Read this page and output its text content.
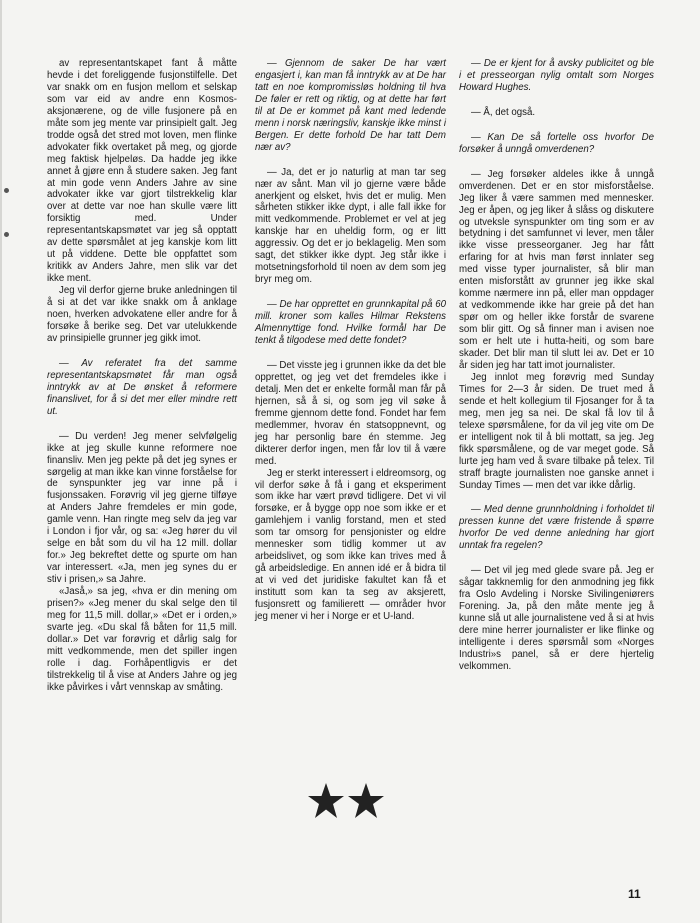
av representantskapet fant å måtte hevde i det foreliggende fusjonstilfelle. Det var snakk om en fusjon mellom et selskap som var eid av andre enn Kosmos-aksjonærene, og de ville fusjonere på en måte som jeg mente var prinsipielt galt. Jeg trodde også det stred mot loven, men flinke advokater fikk overtaket på meg, og gjorde meg faktisk hjelpeløs. Da hadde jeg ikke annet å gjøre enn å studere saken. Jeg fant at min gode venn Anders Jahre av sine advokater ikke var gjort tilstrekkelig klar over at dette var noe han skulle være litt forsiktig med. Under representantskapsmøtet var jeg så opptatt av dette spørsmålet at jeg kanskje kom litt ut på viddene. Dette ble oppfattet som kritikk av Anders Jahre, men slik var det ikke ment.

Jeg vil derfor gjerne bruke anledningen til å si at det var ikke snakk om å anklage noen, hverken advokatene eller andre for å forsøke å berike seg. Det var utelukkende av prinsipielle grunner jeg gikk imot.

— Av referatet fra det samme representantskapsmøtet får man også inntrykk av at De ønsket å reformere finanslivet, for å si det mer eller mindre rett ut.

— Du verden! Jeg mener selvfølgelig ikke at jeg skulle kunne reformere noe finansliv. Men jeg pekte på det jeg synes er sørgelig at man ikke kan vinne forståelse for de synspunkter jeg var inne på i fusjonssaken. Forøvrig vil jeg gjerne tilføye at Anders Jahre fremdeles er min gode, gamle venn. Han ringte meg selv da jeg var i London i fjor vår, og sa: «Jeg hører du vil selge en båt som du vil ha 12 mill. dollar for.» Jeg bekreftet dette og spurte om han var interessert. «Ja, men jeg synes du er stiv i prisen,» sa Jahre.

«Jaså,» sa jeg, «hva er din mening om prisen?» «Jeg mener du skal selge den til meg for 11,5 mill. dollar,» «Det er i orden,» svarte jeg. «Du skal få båten for 11,5 mill. dollar.» Det var forøvrig et dårlig salg for mitt vedkommende, men det spiller ingen rolle i dag. Forhåpentligvis er det tilstrekkelig til å vise at Anders Jahre og jeg ikke påvirkes i vårt vennskap av småting.

— Gjennom de saker De har vært engasjert i, kan man få inntrykk av at De har tatt en noe kompromissløs holdning til hva De føler er rett og riktig, og at dette har ført til at De er kommet på kant med ledende menn i norsk næringsliv, kanskje ikke minst i Bergen. Er dette forhold De har tatt Dem nær av?

— Ja, det er jo naturlig at man tar seg nær av sånt. Man vil jo gjerne være både anerkjent og elsket, hvis det er mulig. Men sårheten stikker ikke dypt, i alle fall ikke for mitt vedkommende. Problemet er vel at jeg kanskje har en uheldig form, og er litt aggressiv. Og det er jo beklagelig. Men som sagt, det stikker ikke dypt. Jeg står ikke i motsetningsforhold til noen av dem som jeg bryr meg om.

— De har opprettet en grunnkapital på 60 mill. kroner som kalles Hilmar Rekstens Almennyttige fond. Hvilke formål har De tenkt å tilgodese med dette fondet?

— Det visste jeg i grunnen ikke da det ble opprettet, og jeg vet det fremdeles ikke i detalj. Men det er enkelte formål man får på hjernen, så å si, og som jeg vil søke å fremme gjennom dette fond. Fondet har fem medlemmer, hvorav én statsoppnevnt, og jeg har personlig bare én stemme. Jeg dikterer derfor ingen, men får lov til å være med.

Jeg er sterkt interessert i eldreomsorg, og vil derfor søke å få i gang et eksperiment som ikke har vært prøvd tidligere. Det vi vil forsøke, er å bygge opp noe som ikke er et gamlehjem i vanlig forstand, men et sted som tar omsorg for pensjonister og eldre mennesker som tidlig kommer ut av arbeidslivet, og som ikke kan trives med å gå arbeidsledige. En annen idé er å bidra til at vi ved det juridiske fakultet kan få et institutt som kan ta seg av aksjerett, fusjonsrett og familierett — områder hvor jeg mener vi her i Norge er et U-land.

— De er kjent for å avsky publicitet og ble i et presseorgan nylig omtalt som Norges Howard Hughes.

— Å, det også.

— Kan De så fortelle oss hvorfor De forsøker å unngå omverdenen?

— Jeg forsøker aldeles ikke å unngå omverdenen. Det er en stor misforståelse. Jeg liker å være sammen med mennesker. Jeg er åpen, og jeg liker å slåss og diskutere og utveksle synspunkter om ting som er av betydning i det samfunnet vi lever, men tåler ikke visse presseorganer. Jeg har fått erfaring for at hvis man først innlater seg med visse typer journalister, så blir man enten misforstått av grunner jeg ikke skal komme nærmere inn på, eller man oppdager at vedkommende ikke har greie på det han spør om og heller ikke forstår de svarene som blir gitt. Og så finner man i avisen noe som er helt ute i hutta-heiti, og som bare skader. Det blir man til slutt lei av. Det er 10 år siden jeg har tatt imot journalister.

Jeg innlot meg forøvrig med Sunday Times for 2—3 år siden. De truet med å sende et helt kollegium til Fjosanger for å ta meg, men jeg sa nei. De skal få lov til å telexe spørsmålene, for da vil jeg vite om De er intelligent nok til å bli mottatt, sa jeg. Jeg fikk spørsmålene, og de var meget gode. Så lurte jeg ham ved å svare tilbake på telex. Til straff bragte journalisten noe ganske annet i Sunday Times — men det var ikke dårlig.

— Med denne grunnholdning i forholdet til pressen kunne det være fristende å spørre hvorfor De ved denne anledning har gjort unntak fra regelen?

— Det vil jeg med glede svare på. Jeg er sågar takknemlig for den anmodning jeg fikk fra Oslo Avdeling i Norske Sivilingeniørers Forening. Ja, på den måte mente jeg å kunne slå ut alle journalistene ved å si at hvis dere mine herrer journalister er like flinke og intelligente i deres spørsmål som «Norges Industri»s panel, så er dere hjertelig velkommen.

11
